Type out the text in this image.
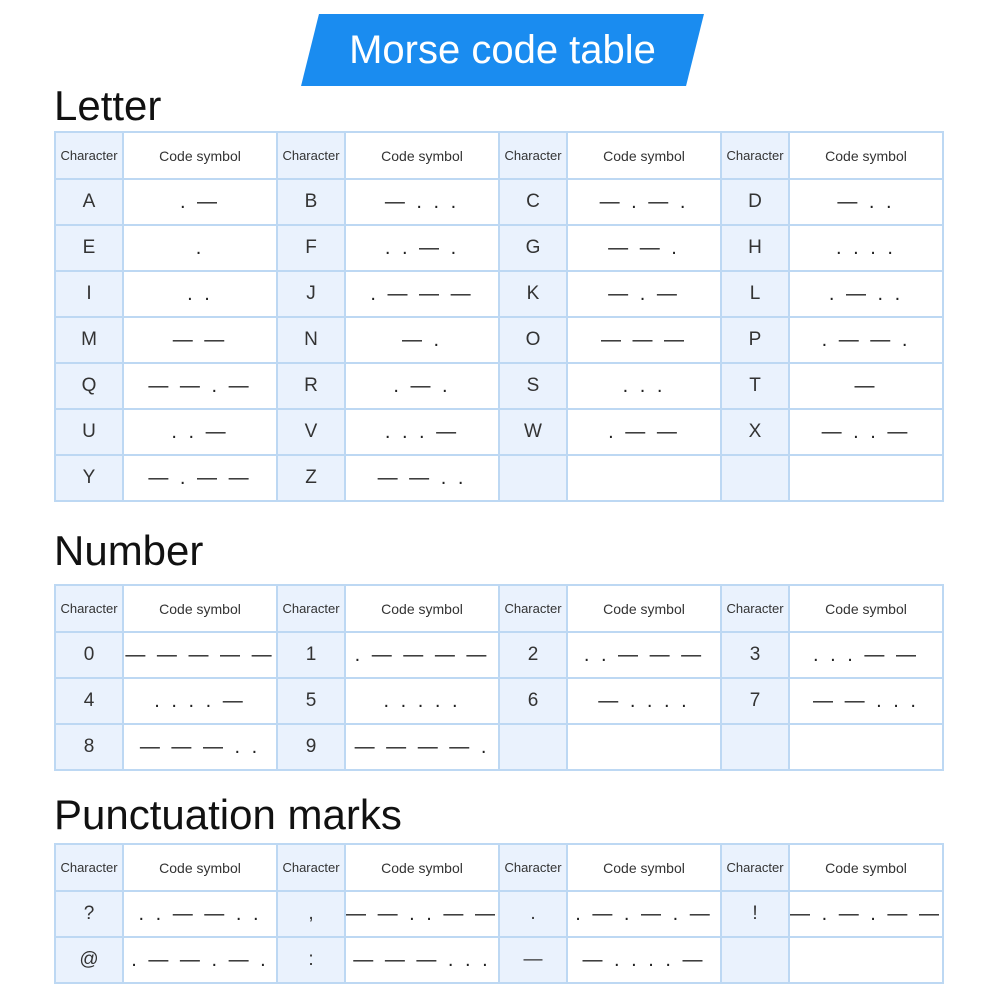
Morse code table
Letter
Character	Code symbol	Character	Code symbol	Character	Code symbol	Character	Code symbol
A	. —	B	— . . .	C	— . — .	D	— . .
E	.	F	. . — .	G	— — .	H	. . . .
I	. .	J	. — — —	K	— . —	L	. — . .
M	— —	N	— .	O	— — —	P	. — — .
Q	— — . —	R	. — .	S	. . .	T	—
U	. . —	V	. . . —	W	. — —	X	— . . —
Y	— . — —	Z	— — . .
Number
Character	Code symbol	Character	Code symbol	Character	Code symbol	Character	Code symbol
0	— — — — —	1	. — — — —	2	. . — — —	3	. . . — —
4	. . . . —	5	. . . . .	6	— . . . .	7	— — . . .
8	— — — . .	9	— — — — .
Punctuation marks
Character	Code symbol	Character	Code symbol	Character	Code symbol	Character	Code symbol
?	. . — — . .	,	— — . . — —	.	. — . — . —	!	— . — . — —
@	. — — . — .	:	— — — . . .	—	— . . . . —
